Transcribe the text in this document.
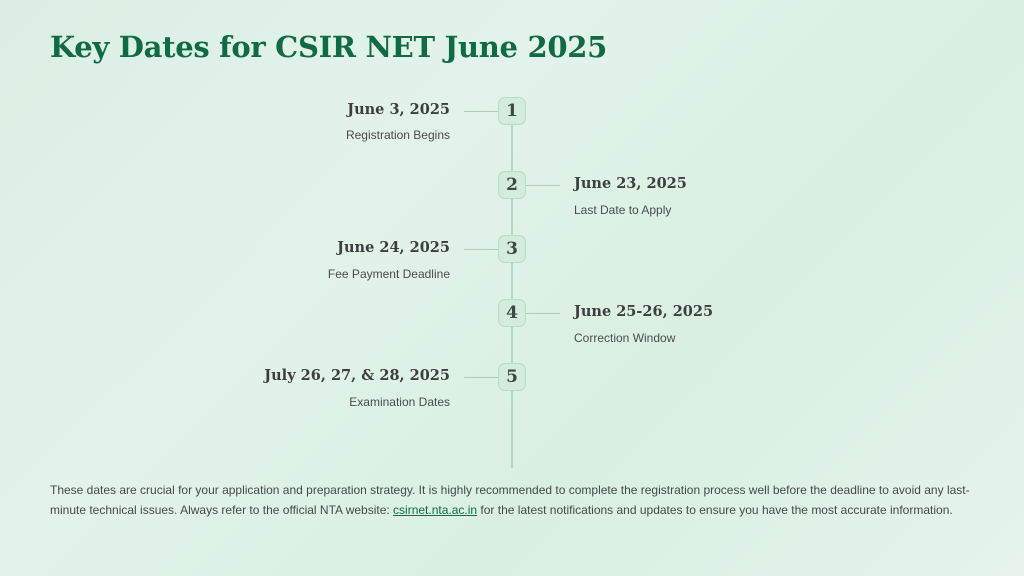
Key Dates for CSIR NET June 2025
1
June 3, 2025
Registration Begins
2	June 23, 2025
Last Date to Apply
3
June 24, 2025
Fee Payment Deadline
4	June 25-26, 2025
Correction Window
5
July 26, 27, & 28, 2025
Examination Dates

These dates are crucial for your application and preparation strategy. It is highly recommended to complete the registration process well before the deadline to avoid any last-minute technical issues. Always refer to the official NTA website: csirnet.nta.ac.in for the latest notifications and updates to ensure you have the most accurate information.
